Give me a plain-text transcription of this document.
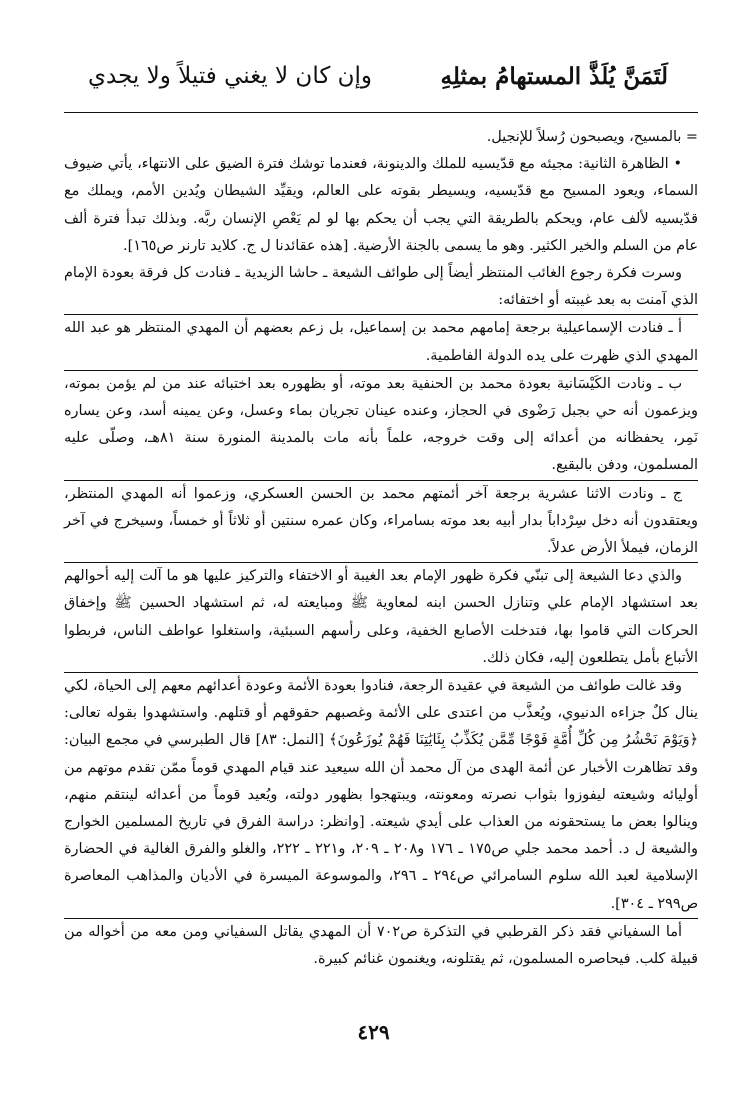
لَتَمَنَّ يُلَذَّ المستهامُ بمثلِهِ
وإن كان لا يغني فتيلاً ولا يجدي

= بالمسيح، ويصبحون رُسلاً للإنجيل.

• الظاهرة الثانية: مجيئه مع قدّيسيه للملك والدينونة، فعندما توشك فترة الضيق على الانتهاء، يأتي ضيوف السماء، ويعود المسيح مع قدّيسيه، ويسيطر بقوته على العالم، ويقيِّد الشيطان ويُدين الأمم، ويملك مع قدّيسيه لألف عام، ويحكم بالطريقة التي يجب أن يحكم بها لو لم يَعْصِ الإنسان ربَّه. وبذلك تبدأ فترة ألف عام من السلم والخير الكثير. وهو ما يسمى بالجنة الأرضية. [هذه عقائدنا ل ج. كلايد تارنر ص١٦٥].

وسرت فكرة رجوع الغائب المنتظر أيضاً إلى طوائف الشيعة ـ حاشا الزيدية ـ فنادت كل فرقة بعودة الإمام الذي آمنت به بعد غيبته أو اختفائه:

أ ـ فنادت الإسماعيلية برجعة إمامهم محمد بن إسماعيل، بل زعم بعضهم أن المهدي المنتظر هو عبد الله المهدي الذي ظهرت على يده الدولة الفاطمية.

ب ـ ونادت الكَيْسَانية بعودة محمد بن الحنفية بعد موته، أو بظهوره بعد اختبائه عند من لم يؤمن بموته، ويزعمون أنه حي بجبل رَضْوى في الحجاز، وعنده عينان تجريان بماء وعسل، وعن يمينه أسد، وعن يساره نَمِر، يحفظانه من أعدائه إلى وقت خروجه، علماً بأنه مات بالمدينة المنورة سنة ٨١هـ، وصلّى عليه المسلمون، ودفن بالبقيع.

ج ـ ونادت الاثنا عشرية برجعة آخر أئمتهم محمد بن الحسن العسكري، وزعموا أنه المهدي المنتظر، ويعتقدون أنه دخل سِرْداباً بدار أبيه بعد موته بسامراء، وكان عمره سنتين أو ثلاثاً أو خمساً، وسيخرج في آخر الزمان، فيملأ الأرض عدلاً.

والذي دعا الشيعة إلى تبنّي فكرة ظهور الإمام بعد الغيبة أو الاختفاء والتركيز عليها هو ما آلت إليه أحوالهم بعد استشهاد الإمام علي وتنازل الحسن ابنه لمعاوية ﷺ ومبايعته له، ثم استشهاد الحسين ﷺ وإخفاق الحركات التي قاموا بها، فتدخلت الأصابع الخفية، وعلى رأسهم السبئية، واستغلوا عواطف الناس، فربطوا الأتباع بأمل يتطلعون إليه، فكان ذلك.

وقد غالت طوائف من الشيعة في عقيدة الرجعة، فنادوا بعودة الأئمة وعودة أعدائهم معهم إلى الحياة، لكي ينال كلٌ جزاءه الدنيوي، ويُعذَّب من اعتدى على الأئمة وغصبهم حقوقهم أو قتلهم. واستشهدوا بقوله تعالى: ﴿وَيَوْمَ نَحْشُرُ مِن كُلِّ أُمَّةٍ فَوْجًا مِّمَّن يُكَذِّبُ بِئَايَٰتِنَا فَهُمْ يُوزَعُونَ﴾ [النمل: ٨٣] قال الطبرسي في مجمع البيان: وقد تظاهرت الأخبار عن أئمة الهدى من آل محمد أن الله سيعيد عند قيام المهدي قوماً ممّن تقدم موتهم من أوليائه وشيعته ليفوزوا بثواب نصرته ومعونته، ويبتهجوا بظهور دولته، ويُعيد قوماً من أعدائه لينتقم منهم، وينالوا بعض ما يستحقونه من العذاب على أيدي شيعته. [وانظر: دراسة الفرق في تاريخ المسلمين الخوارج والشيعة ل د. أحمد محمد جلي ص١٧٥ ـ ١٧٦ و٢٠٨ ـ ٢٠٩، و٢٢١ ـ ٢٢٢، والغلو والفرق الغالية في الحضارة الإسلامية لعبد الله سلوم السامرائي ص٢٩٤ ـ ٢٩٦، والموسوعة الميسرة في الأديان والمذاهب المعاصرة ص٢٩٩ ـ ٣٠٤].

أما السفياني فقد ذكر القرطبي في التذكرة ص٧٠٢ أن المهدي يقاتل السفياني ومن معه من أخواله من قبيلة كلب. فيحاصره المسلمون، ثم يقتلونه، ويغنمون غنائم كبيرة.

٤٢٩
